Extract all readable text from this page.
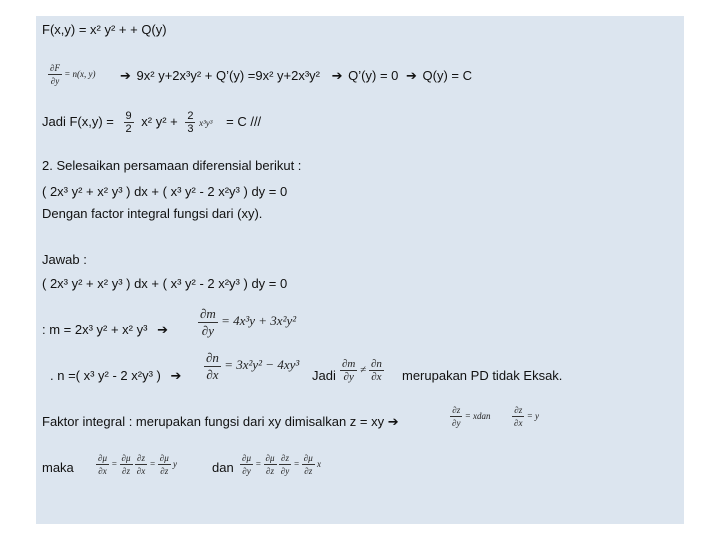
F(x,y) = x² y² + + Q(y)
$\frac{\partial F}{\partial y} = n(x$, y) ➔ 9x² y+2x³y² + Q’(y) =9x² y+2x³y² ➔ Q’(y) = 0 ➔ Q(y) = C
Jadi $F(x,y) = \frac{9}{2} x^2$ $y^2 + \frac{2}{3} x^3y^3 = C$ ///
2. Selesaikan persamaan diferensial berikut :
( 2x³ y² + x² y³ ) dx + ( x³ y² - 2 x²y³ ) dy = 0
Dengan factor integral fungsi dari (xy).
Jawab :
( 2x³ y² + x² y³ ) dx + ( x³ y² - 2 x²y³ ) dy = 0
: m = 2x³ y² + x² y³ ➔ $\frac{\partial m}{\partial y} = 4x^3y + 3x^2y^2$
. n =( x³ y² - 2 x²y³ ) ➔ $\frac{\partial n}{\partial x} = 3x^2y^2 - 4xy^3$
Jadi $\frac{\partial m}{\partial y} \ne \frac{\partial n}{\partial x}$ merupakan PD tidak Eksak.
Faktor integral : merupakan fungsi dari xy dimisalkan z = xy ➔	$\frac{\partial z}{\partial y}$ = xdan $\frac{\partial z}{\partial x} = y$
maka $\frac{\partial\mu}{\partial x} = \frac{\partial\mu}{\partial z}$
$\frac{\partial z}{\partial x} = \frac{\partial\mu}{\partial z}$ y	dan $\frac{\partial\mu}{\partial y} = \frac{\partial\mu}{\partial z}$
$\frac{\partial z}{\partial y} = \frac{\partial\mu}{\partial z}$ x
